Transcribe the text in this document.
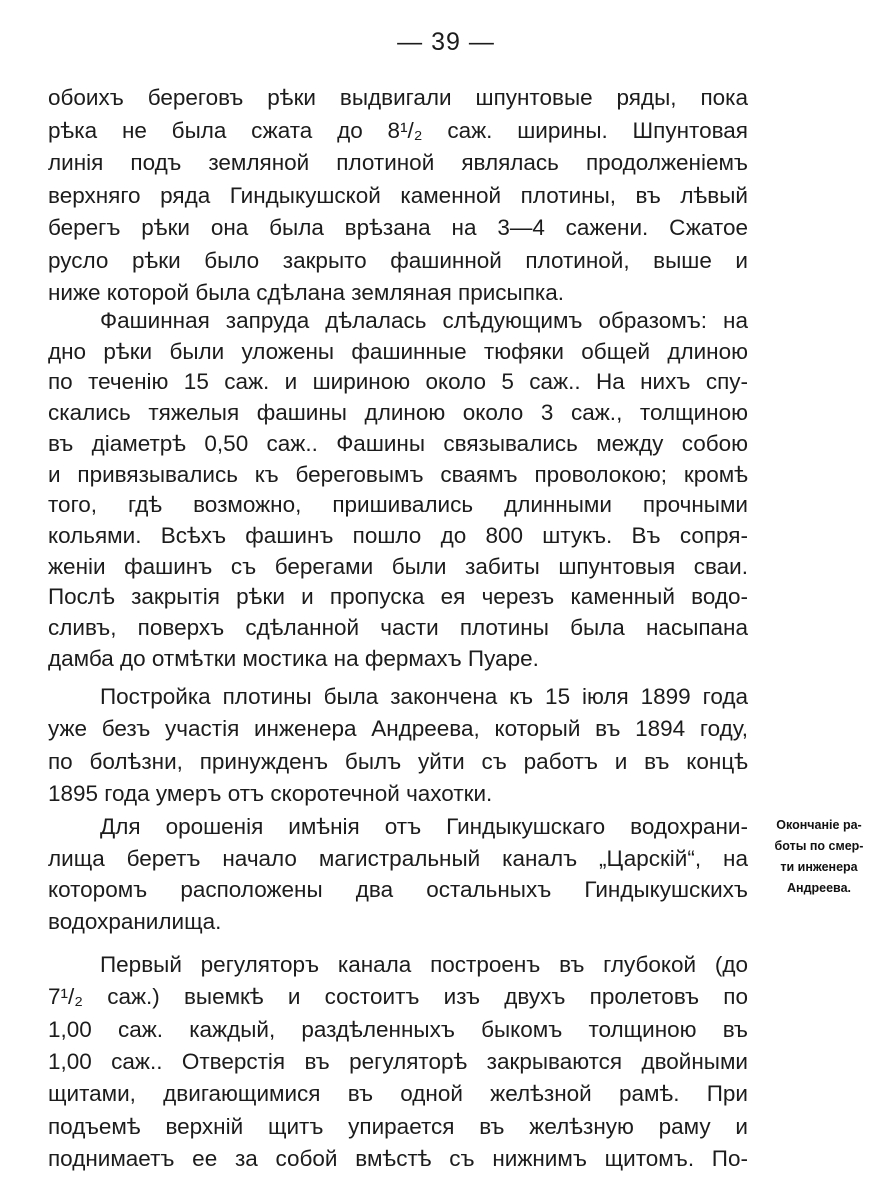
— 39 —
обоихъ береговъ рѣки выдвигали шпунтовые ряды, пока
рѣка не была сжата до 8¹/₂ саж. ширины. Шпунтовая
линія подъ земляной плотиной являлась продолженіемъ
верхняго ряда Гиндыкушской каменной плотины, въ лѣвый
берегъ рѣки она была врѣзана на 3—4 сажени. Сжатое
русло рѣки было закрыто фашинной плотиной, выше и
ниже которой была сдѣлана земляная присыпка.
Фашинная запруда дѣлалась слѣдующимъ образомъ: на
дно рѣки были уложены фашинные тюфяки общей длиною
по теченію 15 саж. и шириною около 5 саж.. На нихъ спу-
скались тяжелыя фашины длиною около 3 саж., толщиною
въ діаметрѣ 0,50 саж.. Фашины связывались между собою
и привязывались къ береговымъ сваямъ проволокою; кромѣ
того, гдѣ возможно, пришивались длинными прочными
кольями. Всѣхъ фашинъ пошло до 800 штукъ. Въ сопря-
женіи фашинъ съ берегами были забиты шпунтовыя сваи.
Послѣ закрытія рѣки и пропуска ея черезъ каменный водо-
сливъ, поверхъ сдѣланной части плотины была насыпана
дамба до отмѣтки мостика на фермахъ Пуаре.
Постройка плотины была закончена къ 15 іюля 1899 года
уже безъ участія инженера Андреева, который въ 1894 году,
по болѣзни, принужденъ былъ уйти съ работъ и въ концѣ
1895 года умеръ отъ скоротечной чахотки.
Для орошенія имѣнія отъ Гиндыкушскаго водохрани-
лища беретъ начало магистральный каналъ „Царскій“, на
которомъ расположены два остальныхъ Гиндыкушскихъ
водохранилища.
Первый регуляторъ канала построенъ въ глубокой (до
7¹/₂ саж.) выемкѣ и состоитъ изъ двухъ пролетовъ по
1,00 саж. каждый, раздѣленныхъ быкомъ толщиною въ
1,00 саж.. Отверстія въ регуляторѣ закрываются двойными
щитами, двигающимися въ одной желѣзной рамѣ. При
подъемѣ верхній щитъ упирается въ желѣзную раму и
поднимаетъ ее за собой вмѣстѣ съ нижнимъ щитомъ. По-
Окончаніе ра-
боты по смер-
ти инженера
Андреева.
